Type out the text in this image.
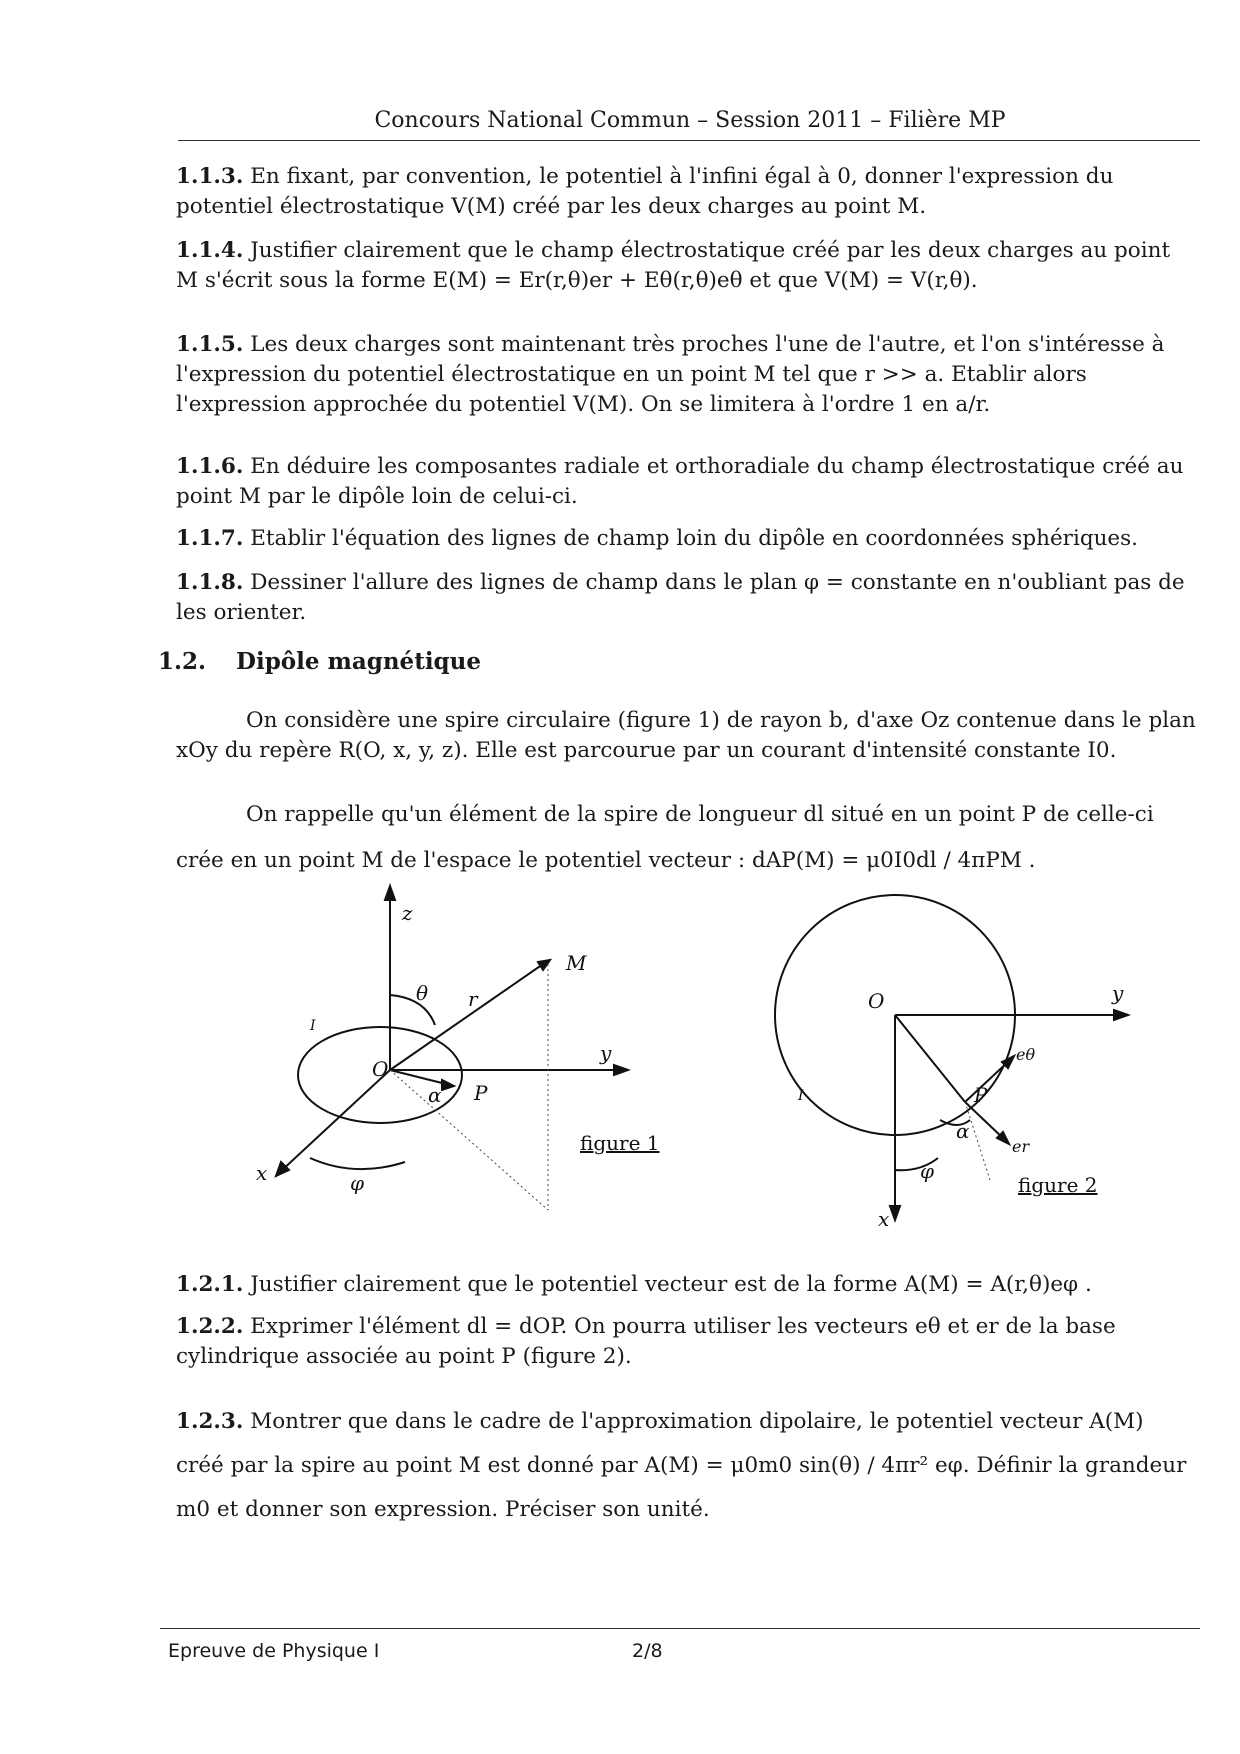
Concours National Commun – Session 2011 – Filière MP
1.1.3. En fixant, par convention, le potentiel à l'infini égal à 0, donner l'expression du potentiel électrostatique V(M) créé par les deux charges au point M.
1.1.4. Justifier clairement que le champ électrostatique créé par les deux charges au point M s'écrit sous la forme E(M) = Er(r,θ)er + Eθ(r,θ)eθ et que V(M) = V(r,θ).
1.1.5. Les deux charges sont maintenant très proches l'une de l'autre, et l'on s'intéresse à l'expression du potentiel électrostatique en un point M tel que r >> a. Etablir alors l'expression approchée du potentiel V(M). On se limitera à l'ordre 1 en a/r.
1.1.6. En déduire les composantes radiale et orthoradiale du champ électrostatique créé au point M par le dipôle loin de celui-ci.
1.1.7. Etablir l'équation des lignes de champ loin du dipôle en coordonnées sphériques.
1.1.8. Dessiner l'allure des lignes de champ dans le plan φ = constante en n'oubliant pas de les orienter.
1.2. Dipôle magnétique
On considère une spire circulaire (figure 1) de rayon b, d'axe Oz contenue dans le plan xOy du repère R(O, x, y, z). Elle est parcourue par un courant d'intensité constante I0.
On rappelle qu'un élément de la spire de longueur dl situé en un point P de celle-ci
crée en un point M de l'espace le potentiel vecteur : dAP(M) = μ0I0dl / 4πPM .
z
y
x
M
O
P
r
θ
α
φ
I
figure 1
O	y
x
P
I
α
φ
eθ
er
figure 2
1.2.1. Justifier clairement que le potentiel vecteur est de la forme A(M) = A(r,θ)eφ .
1.2.2. Exprimer l'élément dl = dOP. On pourra utiliser les vecteurs eθ et er de la base cylindrique associée au point P (figure 2).
1.2.3. Montrer que dans le cadre de l'approximation dipolaire, le potentiel vecteur A(M) créé par la spire au point M est donné par A(M) = μ0m0 sin(θ) / 4πr² eφ. Définir la grandeur m0 et donner son expression. Préciser son unité.
Epreuve de Physique I	2/8
